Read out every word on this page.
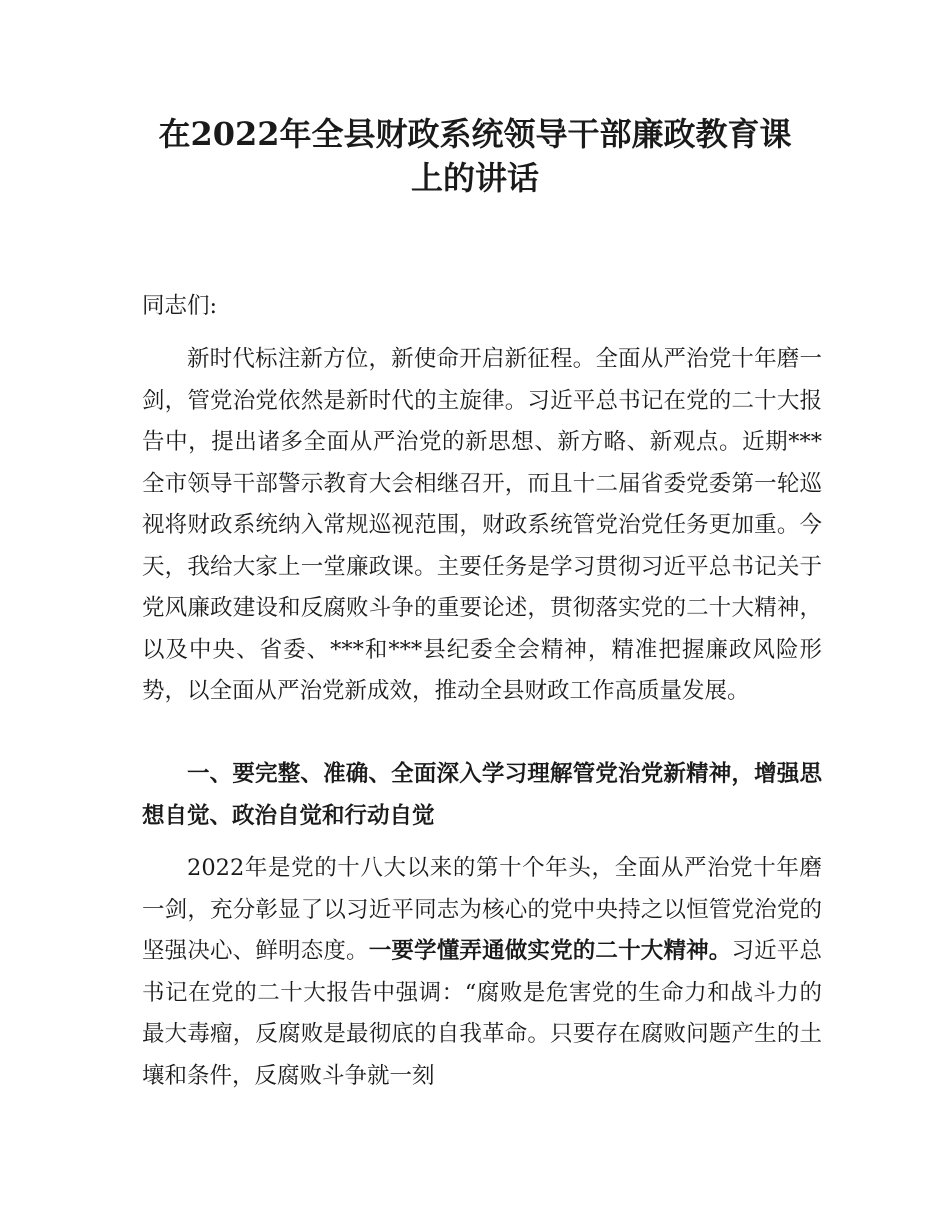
在2022年全县财政系统领导干部廉政教育课
上的讲话

同志们:

新时代标注新方位，新使命开启新征程。全面从严治党十年磨一剑，管党治党依然是新时代的主旋律。习近平总书记在党的二十大报告中，提出诸多全面从严治党的新思想、新方略、新观点。近期***全市领导干部警示教育大会相继召开，而且十二届省委党委第一轮巡视将财政系统纳入常规巡视范围，财政系统管党治党任务更加重。今天，我给大家上一堂廉政课。主要任务是学习贯彻习近平总书记关于党风廉政建设和反腐败斗争的重要论述，贯彻落实党的二十大精神，以及中央、省委、***和***县纪委全会精神，精准把握廉政风险形势，以全面从严治党新成效，推动全县财政工作高质量发展。

一、要完整、准确、全面深入学习理解管党治党新精神，增强思想自觉、政治自觉和行动自觉

2022年是党的十八大以来的第十个年头，全面从严治党十年磨一剑，充分彰显了以习近平同志为核心的党中央持之以恒管党治党的坚强决心、鲜明态度。一要学懂弄通做实党的二十大精神。习近平总书记在党的二十大报告中强调：“腐败是危害党的生命力和战斗力的最大毒瘤，反腐败是最彻底的自我革命。只要存在腐败问题产生的土壤和条件，反腐败斗争就一刻
